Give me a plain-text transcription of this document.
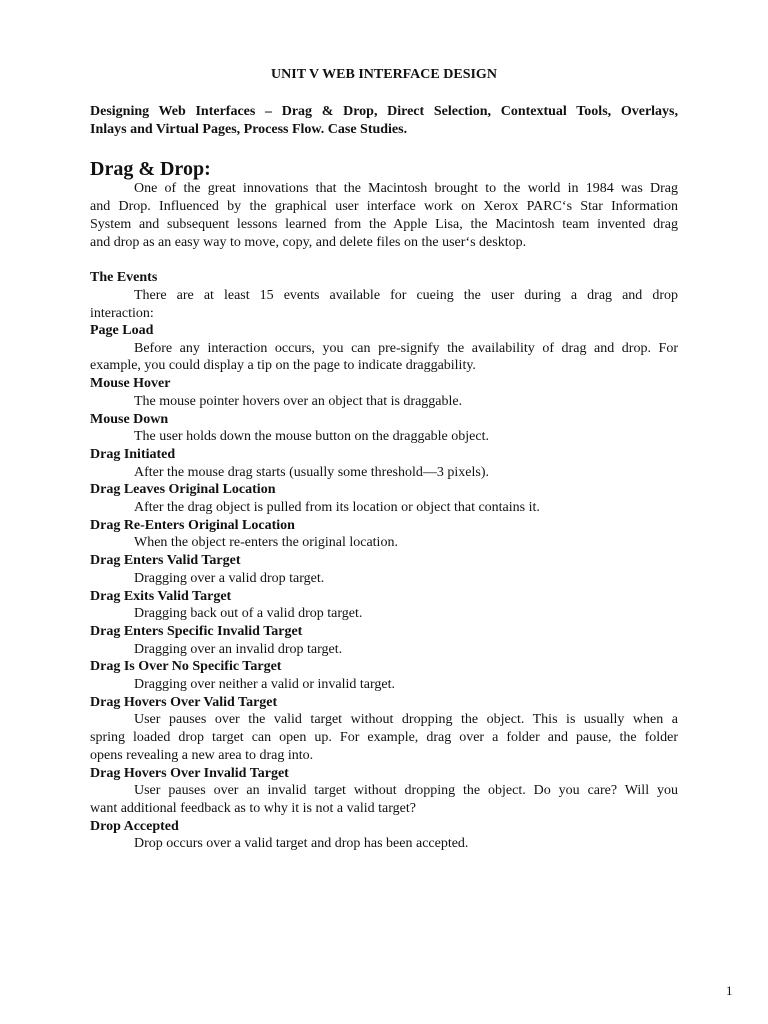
UNIT V WEB INTERFACE DESIGN
Designing Web Interfaces – Drag & Drop, Direct Selection, Contextual Tools, Overlays,
Inlays and Virtual Pages, Process Flow. Case Studies.
Drag & Drop:
One of the great innovations that the Macintosh brought to the world in 1984 was Drag
and Drop. Influenced by the graphical user interface work on Xerox PARC‘s Star Information
System and subsequent lessons learned from the Apple Lisa, the Macintosh team invented drag
and drop as an easy way to move, copy, and delete files on the user‘s desktop.
The Events
There are at least 15 events available for cueing the user during a drag and drop
interaction:
Page Load
Before any interaction occurs, you can pre-signify the availability of drag and drop. For
example, you could display a tip on the page to indicate draggability.
Mouse Hover
The mouse pointer hovers over an object that is draggable.
Mouse Down
The user holds down the mouse button on the draggable object.
Drag Initiated
After the mouse drag starts (usually some threshold—3 pixels).
Drag Leaves Original Location
After the drag object is pulled from its location or object that contains it.
Drag Re-Enters Original Location
When the object re-enters the original location.
Drag Enters Valid Target
Dragging over a valid drop target.
Drag Exits Valid Target
Dragging back out of a valid drop target.
Drag Enters Specific Invalid Target
Dragging over an invalid drop target.
Drag Is Over No Specific Target
Dragging over neither a valid or invalid target.
Drag Hovers Over Valid Target
User pauses over the valid target without dropping the object. This is usually when a
spring loaded drop target can open up. For example, drag over a folder and pause, the folder
opens revealing a new area to drag into.
Drag Hovers Over Invalid Target
User pauses over an invalid target without dropping the object. Do you care? Will you
want additional feedback as to why it is not a valid target?
Drop Accepted
Drop occurs over a valid target and drop has been accepted.
1
